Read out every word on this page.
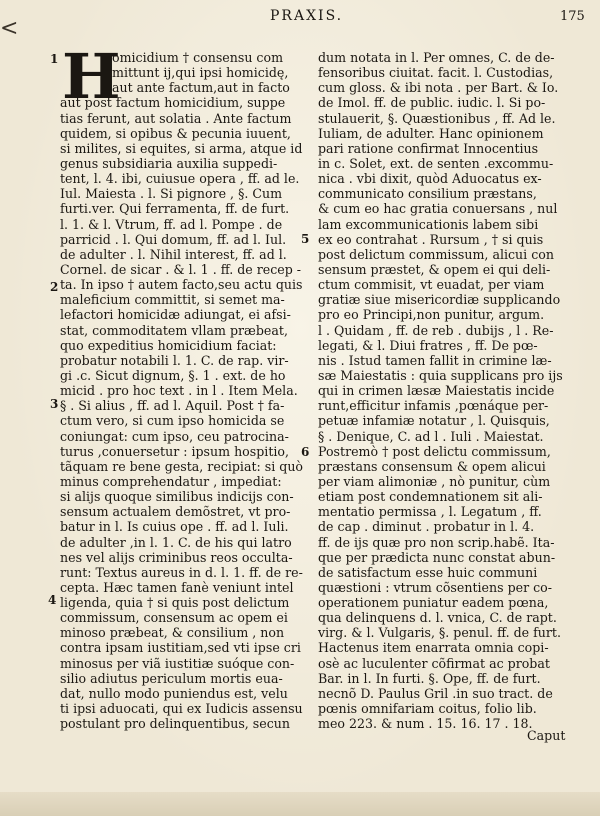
<	PRAXIS.	175
H
1
2
3
4
5
6
omicidium † consensu com
mittunt ij,qui ipsi homicidę,
aut ante factum,aut in facto
aut post factum homicidium, suppe
tias ferunt, aut solatia . Ante factum
quidem, si opibus & pecunia iuuent,
si milites, si equites, si arma, atque id
genus subsidiaria auxilia suppedi-
tent, l. 4. ibi, cuiusue opera , ff. ad le.
Iul. Maiesta . l. Si pignore , §. Cum
furti.ver. Qui ferramenta, ff. de furt.
l. 1. & l. Vtrum, ff. ad l. Pompe . de
parricid . l. Qui domum, ff. ad l. Iul.
de adulter . l. Nihil interest, ff. ad l.
Cornel. de sicar . & l. 1 . ff. de recep -
ta. In ipso † autem facto,seu actu quis
maleficium committit, si semet ma-
lefactori homicidæ adiungat, ei afsi-
stat, commoditatem vllam præbeat,
quo expeditius homicidium faciat:
probatur notabili l. 1. C. de rap. vir-
gi .c. Sicut dignum, §. 1 . ext. de ho
micid . pro hoc text . in l . Item Mela.
§ . Si alius , ff. ad l. Aquil. Post † fa-
ctum vero, si cum ipso homicida se
coniungat: cum ipso, ceu patrocina-
turus ,conuersetur : ipsum hospitio,
tãquam re bene gesta, recipiat: si quò
minus comprehendatur , impediat:
si alijs quoque similibus indicijs con-
sensum actualem demõstret, vt pro-
batur in l. Is cuius ope . ff. ad l. Iuli.
de adulter ,in l. 1. C. de his qui latro
nes vel alijs criminibus reos occulta-
runt: Textus aureus in d. l. 1. ff. de re-
cepta. Hæc tamen fanè veniunt intel
ligenda, quia † si quis post delictum
commissum, consensum ac opem ei
minoso præbeat, & consilium , non
contra ipsam iustitiam,sed vti ipse cri
minosus per viã iustitiæ suóque con-
silio adiutus periculum mortis eua-
dat, nullo modo puniendus est, velu
ti ipsi aduocati, qui ex Iudicis assensu
postulant pro delinquentibus, secun
dum notata in l. Per omnes, C. de de-
fensoribus ciuitat. facit. l. Custodias,
cum gloss. & ibi nota . per Bart. & Io.
de Imol. ff. de public. iudic. l. Si po-
stulauerit, §. Quæstionibus , ff. Ad le.
Iuliam, de adulter. Hanc opinionem
pari ratione confirmat Innocentius
in c. Solet, ext. de senten .excommu-
nica . vbi dixit, quòd Aduocatus ex-
communicato consilium præstans,
& cum eo hac gratia conuersans , nul
lam excommunicationis labem sibi
ex eo contrahat . Rursum , † si quis
post delictum commissum, alicui con
sensum præstet, & opem ei qui deli-
ctum commisit, vt euadat, per viam
gratiæ siue misericordiæ supplicando
pro eo Principi,non punitur, argum.
l . Quidam , ff. de reb . dubijs , l . Re-
legati, & l. Diui fratres , ff. De pœ-
nis . Istud tamen fallit in crimine læ-
sæ Maiestatis : quia supplicans pro ijs
qui in crimen læsæ Maiestatis incide
runt,efficitur infamis ,pœnáque per-
petuæ infamiæ notatur , l. Quisquis,
§ . Denique, C. ad l . Iuli . Maiestat.
Postremò † post delictu commissum,
præstans consensum & opem alicui
per viam alimoniæ , nò punitur, cùm
etiam post condemnationem sit ali-
mentatio permissa , l. Legatum , ff.
de cap . diminut . probatur in l. 4.
ff. de ijs quæ pro non scrip.habẽ. Ita-
que per prædicta nunc constat abun-
de satisfactum esse huic communi
quæstioni : vtrum cõsentiens per co-
operationem puniatur eadem pœna,
qua delinquens d. l. vnica, C. de rapt.
virg. & l. Vulgaris, §. penul. ff. de furt.
Hactenus item enarrata omnia copi-
osè ac luculenter cõfirmat ac probat
Bar. in l. In furti. §. Ope, ff. de furt.
necnõ D. Paulus Gril .in suo tract. de
pœnis omnifariam coitus, folio lib.
meo 223. & num . 15. 16. 17 . 18.
Caput
